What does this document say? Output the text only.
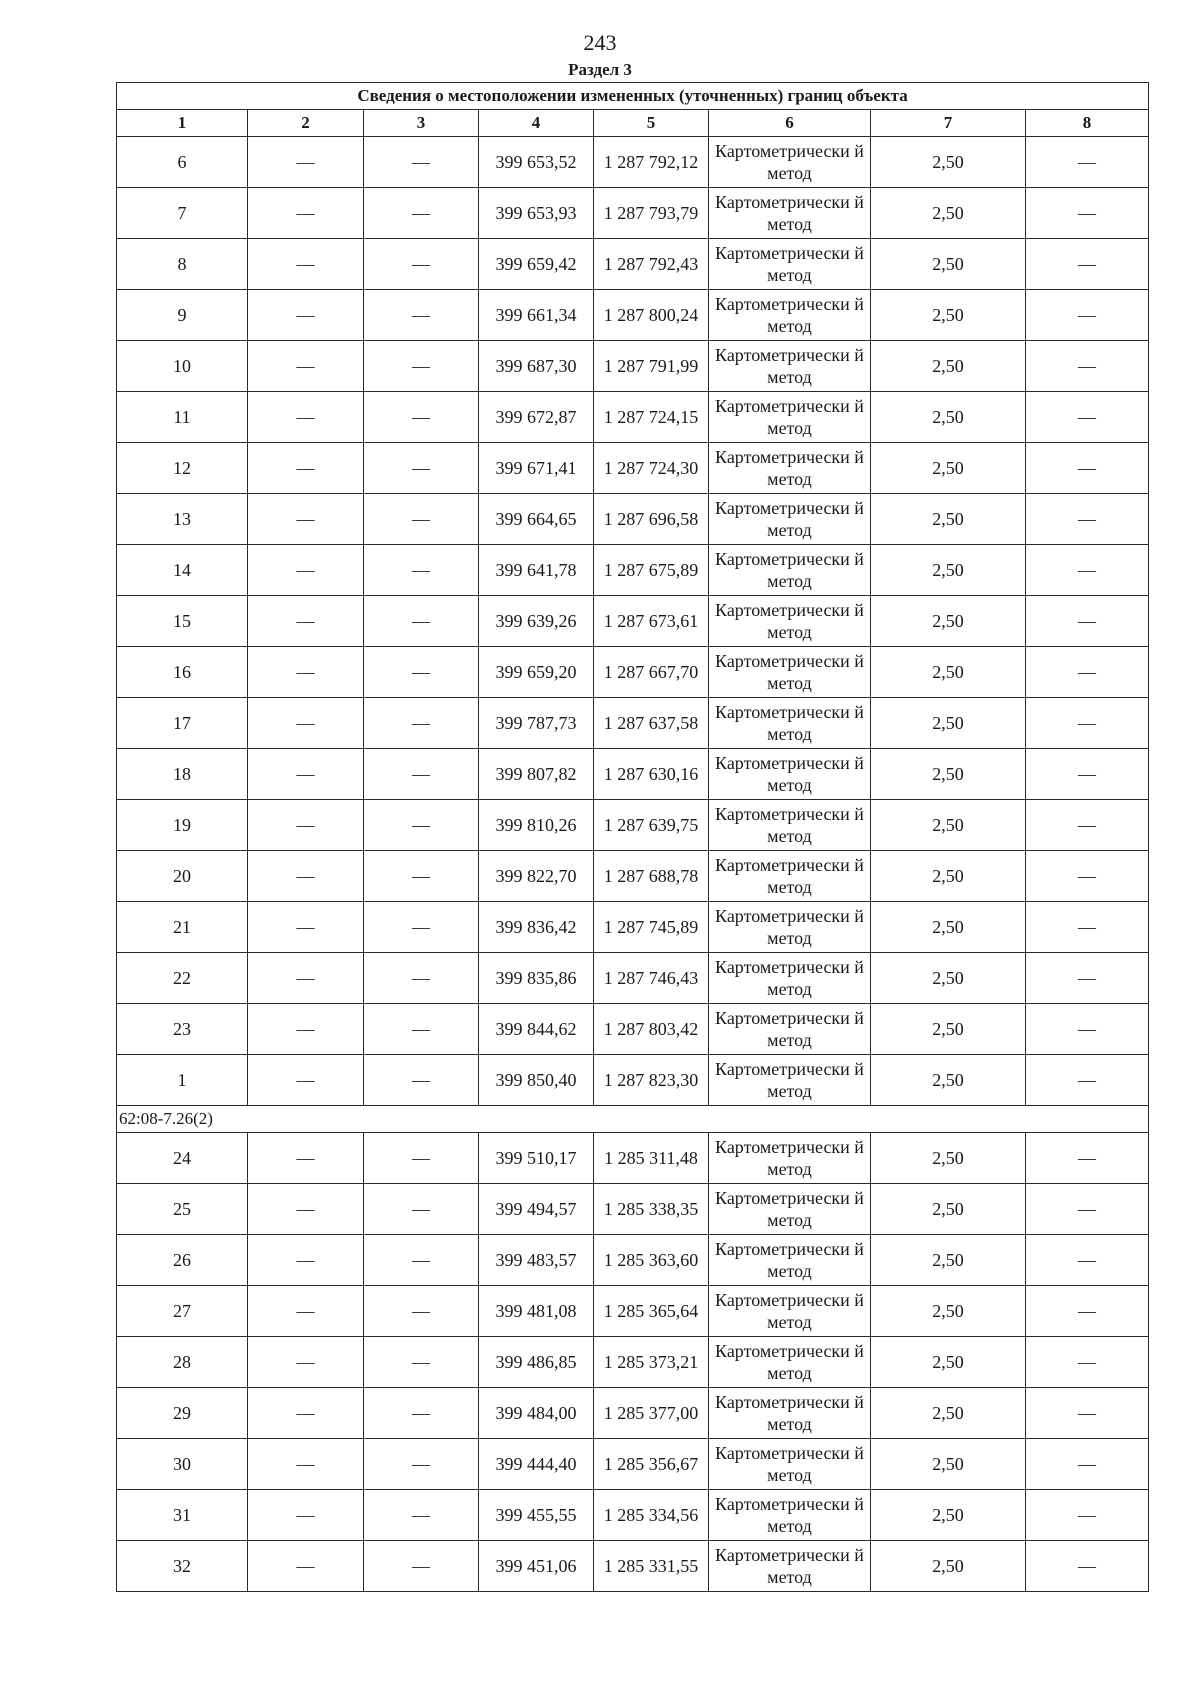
243
Раздел 3
Сведения о местоположении измененных (уточненных) границ объекта							
1	2	3	4	5	6	7	8
6	—	—	399 653,52	1 287 792,12	Картометрически й метод	2,50	—
7	—	—	399 653,93	1 287 793,79	Картометрически й метод	2,50	—
8	—	—	399 659,42	1 287 792,43	Картометрически й метод	2,50	—
9	—	—	399 661,34	1 287 800,24	Картометрически й метод	2,50	—
10	—	—	399 687,30	1 287 791,99	Картометрически й метод	2,50	—
11	—	—	399 672,87	1 287 724,15	Картометрически й метод	2,50	—
12	—	—	399 671,41	1 287 724,30	Картометрически й метод	2,50	—
13	—	—	399 664,65	1 287 696,58	Картометрически й метод	2,50	—
14	—	—	399 641,78	1 287 675,89	Картометрически й метод	2,50	—
15	—	—	399 639,26	1 287 673,61	Картометрически й метод	2,50	—
16	—	—	399 659,20	1 287 667,70	Картометрически й метод	2,50	—
17	—	—	399 787,73	1 287 637,58	Картометрически й метод	2,50	—
18	—	—	399 807,82	1 287 630,16	Картометрически й метод	2,50	—
19	—	—	399 810,26	1 287 639,75	Картометрически й метод	2,50	—
20	—	—	399 822,70	1 287 688,78	Картометрически й метод	2,50	—
21	—	—	399 836,42	1 287 745,89	Картометрически й метод	2,50	—
22	—	—	399 835,86	1 287 746,43	Картометрически й метод	2,50	—
23	—	—	399 844,62	1 287 803,42	Картометрически й метод	2,50	—
1	—	—	399 850,40	1 287 823,30	Картометрически й метод	2,50	—
62:08-7.26(2)							
24	—	—	399 510,17	1 285 311,48	Картометрически й метод	2,50	—
25	—	—	399 494,57	1 285 338,35	Картометрически й метод	2,50	—
26	—	—	399 483,57	1 285 363,60	Картометрически й метод	2,50	—
27	—	—	399 481,08	1 285 365,64	Картометрически й метод	2,50	—
28	—	—	399 486,85	1 285 373,21	Картометрически й метод	2,50	—
29	—	—	399 484,00	1 285 377,00	Картометрически й метод	2,50	—
30	—	—	399 444,40	1 285 356,67	Картометрически й метод	2,50	—
31	—	—	399 455,55	1 285 334,56	Картометрически й метод	2,50	—
32	—	—	399 451,06	1 285 331,55	Картометрически й метод	2,50	—
